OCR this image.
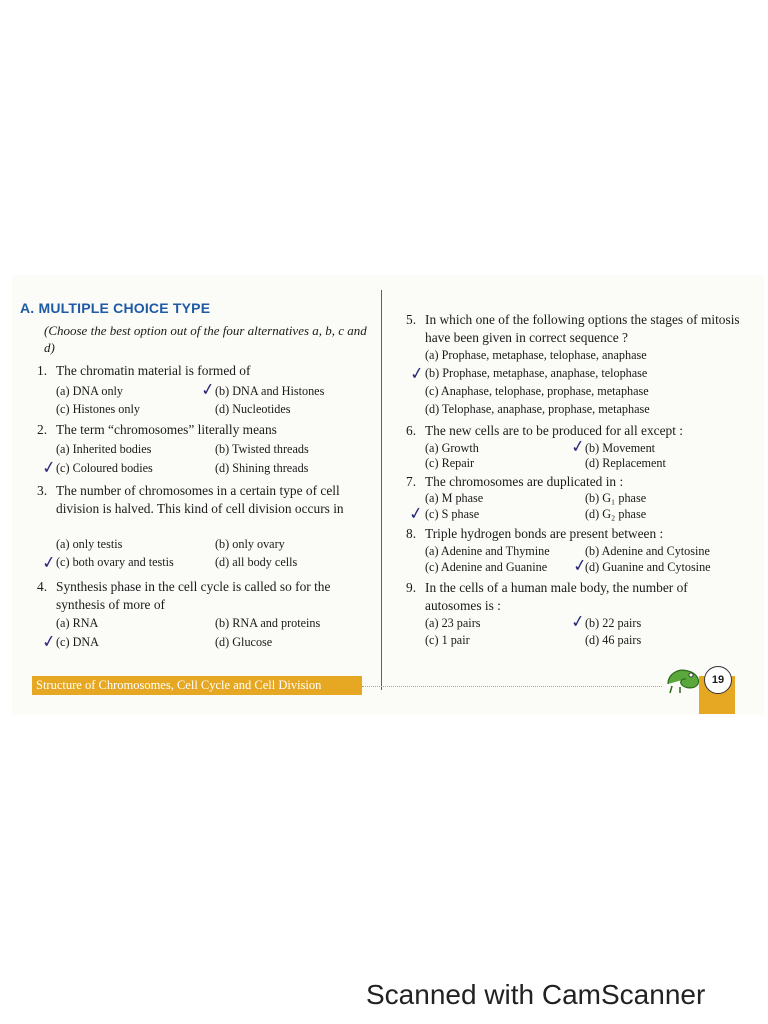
A. MULTIPLE CHOICE TYPE
(Choose the best option out of the four alternatives a, b, c and d)
1. The chromatin material is formed of
(a) DNA only	(b) DNA and Histones
(c) Histones only	(d) Nucleotides
✓
2. The term “chromosomes” literally means
(a) Inherited bodies	(b) Twisted threads
(c) Coloured bodies	(d) Shining threads
✓
3. The number of chromosomes in a certain type of cell division is halved. This kind of cell division occurs in
(a) only testis	(b) only ovary
(c) both ovary and testis	(d) all body cells
✓
4. Synthesis phase in the cell cycle is called so for the synthesis of more of
(a) RNA	(b) RNA and proteins
(c) DNA	(d) Glucose
✓
5. In which one of the following options the stages of mitosis have been given in correct sequence ?
(a) Prophase, metaphase, telophase, anaphase
(b) Prophase, metaphase, anaphase, telophase
(c) Anaphase, telophase, prophase, metaphase
(d) Telophase, anaphase, prophase, metaphase
✓
6. The new cells are to be produced for all except :
(a) Growth	(b) Movement
(c) Repair	(d) Replacement
✓
7. The chromosomes are duplicated in :
(a) M phase	(b) G₁ phase
(c) S phase	(d) G₂ phase
✓
8. Triple hydrogen bonds are present between :
(a) Adenine and Thymine	(b) Adenine and Cytosine
(c) Adenine and Guanine	(d) Guanine and Cytosine
✓
9. In the cells of a human male body, the number of autosomes is :
(a) 23 pairs	(b) 22 pairs
(c) 1 pair	(d) 46 pairs
✓
Structure of Chromosomes, Cell Cycle and Cell Division	19
Scanned with CamScanner
